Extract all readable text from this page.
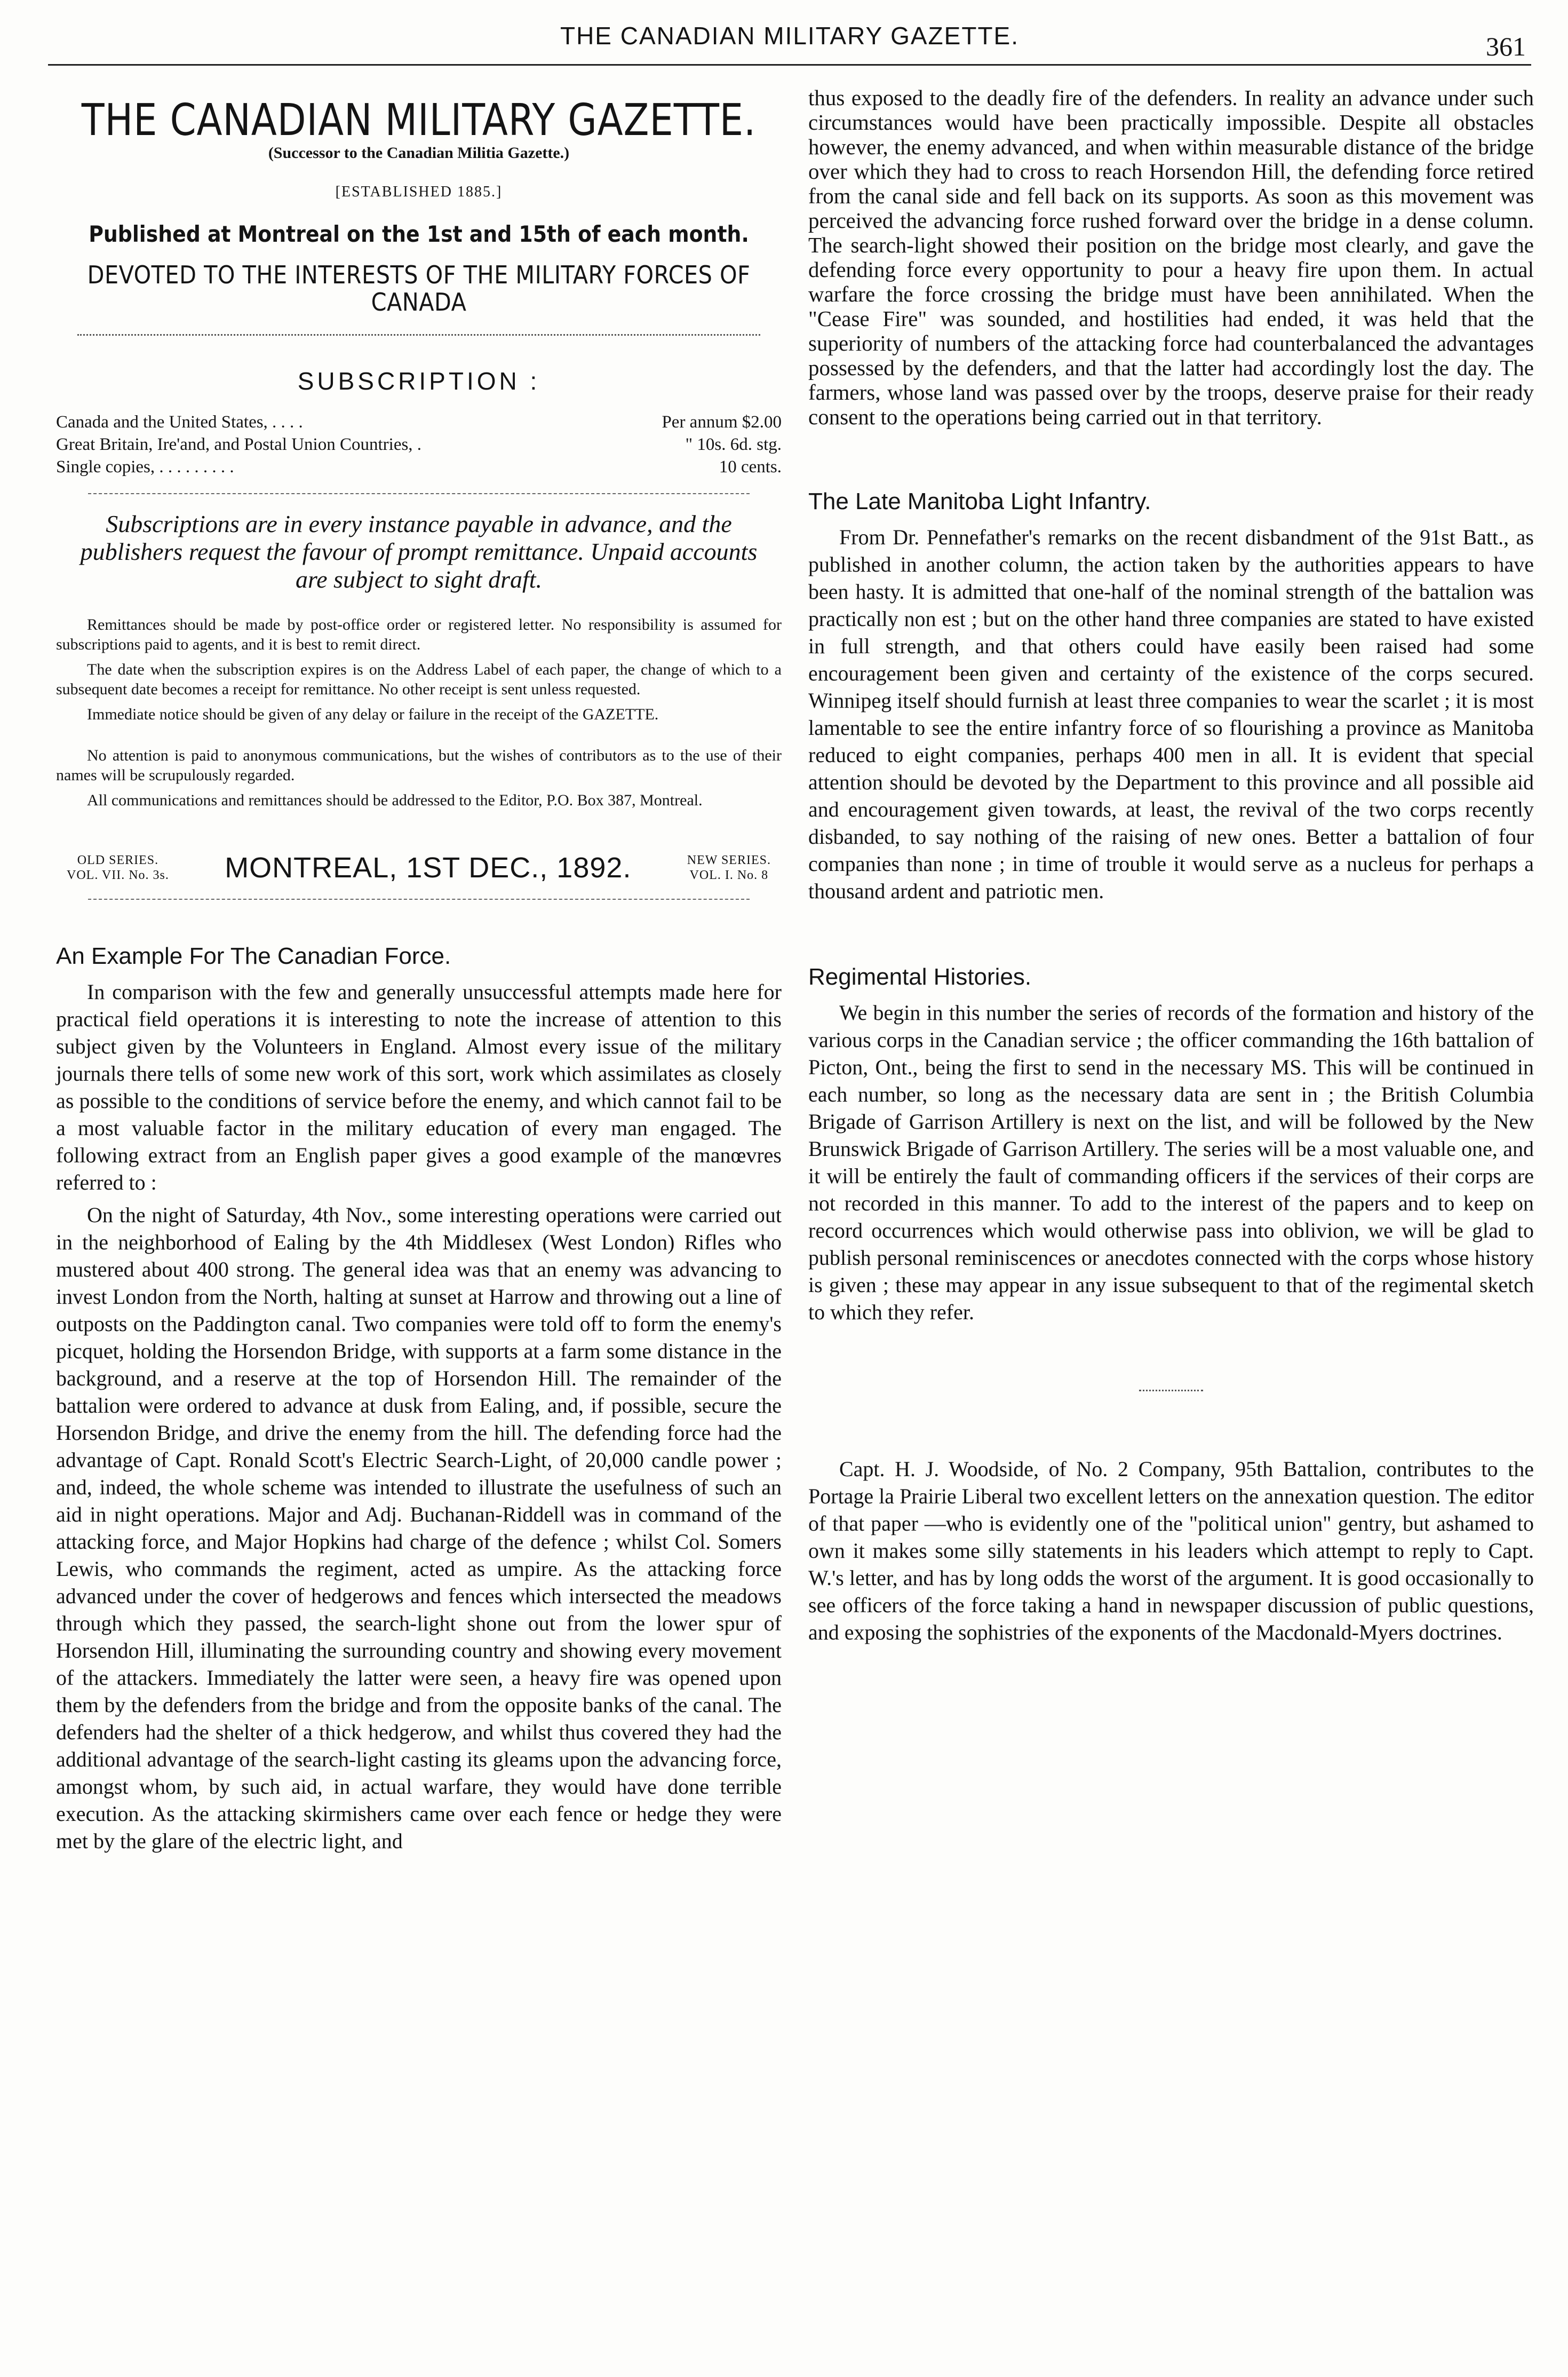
THE CANADIAN MILITARY GAZETTE.	361
THE CANADIAN MILITARY GAZETTE.
(Successor to the Canadian Militia Gazette.)
[ESTABLISHED 1885.]
Published at Montreal on the 1st and 15th of each month.
DEVOTED TO THE INTERESTS OF THE MILITARY FORCES OF CANADA
SUBSCRIPTION :
Canada and the United States, . . . .	Per annum $2.00
Great Britain, Ire'and, and Postal Union Countries, .	" 10s. 6d. stg.
Single copies, . . . . . . . . .	10 cents.
Subscriptions are in every instance payable in advance, and the publishers request the favour of prompt remittance. Unpaid accounts are subject to sight draft.

Remittances should be made by post-office order or registered letter. No responsibility is assumed for subscriptions paid to agents, and it is best to remit direct.

The date when the subscription expires is on the Address Label of each paper, the change of which to a subsequent date becomes a receipt for remittance. No other receipt is sent unless requested.

Immediate notice should be given of any delay or failure in the receipt of the GAZETTE.

No attention is paid to anonymous communications, but the wishes of contributors as to the use of their names will be scrupulously regarded.

All communications and remittances should be addressed to the Editor, P.O. Box 387, Montreal.

OLD SERIES.
VOL. VII. No. 3s. MONTREAL, 1ST DEC., 1892.	NEW SERIES.
VOL. I. No. 8
An Example For The Canadian Force.

In comparison with the few and generally unsuccessful attempts made here for practical field operations it is interesting to note the increase of attention to this subject given by the Volunteers in England. Almost every issue of the military journals there tells of some new work of this sort, work which assimilates as closely as possible to the conditions of service before the enemy, and which cannot fail to be a most valuable factor in the military education of every man engaged. The following extract from an English paper gives a good example of the manœvres referred to :

On the night of Saturday, 4th Nov., some interesting operations were carried out in the neighborhood of Ealing by the 4th Middlesex (West London) Rifles who mustered about 400 strong. The general idea was that an enemy was advancing to invest London from the North, halting at sunset at Harrow and throwing out a line of outposts on the Paddington canal. Two companies were told off to form the enemy's picquet, holding the Horsendon Bridge, with supports at a farm some distance in the background, and a reserve at the top of Horsendon Hill. The remainder of the battalion were ordered to advance at dusk from Ealing, and, if possible, secure the Horsendon Bridge, and drive the enemy from the hill. The defending force had the advantage of Capt. Ronald Scott's Electric Search-Light, of 20,000 candle power ; and, indeed, the whole scheme was intended to illustrate the usefulness of such an aid in night operations. Major and Adj. Buchanan-Riddell was in command of the attacking force, and Major Hopkins had charge of the defence ; whilst Col. Somers Lewis, who commands the regiment, acted as umpire. As the attacking force advanced under the cover of hedgerows and fences which intersected the meadows through which they passed, the search-light shone out from the lower spur of Horsendon Hill, illuminating the surrounding country and showing every movement of the attackers. Immediately the latter were seen, a heavy fire was opened upon them by the defenders from the bridge and from the opposite banks of the canal. The defenders had the shelter of a thick hedgerow, and whilst thus covered they had the additional advantage of the search-light casting its gleams upon the advancing force, amongst whom, by such aid, in actual warfare, they would have done terrible execution. As the attacking skirmishers came over each fence or hedge they were met by the glare of the electric light, and

thus exposed to the deadly fire of the defenders. In reality an advance under such circumstances would have been practically impossible. Despite all obstacles however, the enemy advanced, and when within measurable distance of the bridge over which they had to cross to reach Horsendon Hill, the defending force retired from the canal side and fell back on its supports. As soon as this movement was perceived the advancing force rushed forward over the bridge in a dense column. The search-light showed their position on the bridge most clearly, and gave the defending force every opportunity to pour a heavy fire upon them. In actual warfare the force crossing the bridge must have been annihilated. When the "Cease Fire" was sounded, and hostilities had ended, it was held that the superiority of numbers of the attacking force had counterbalanced the advantages possessed by the defenders, and that the latter had accordingly lost the day. The farmers, whose land was passed over by the troops, deserve praise for their ready consent to the operations being carried out in that territory.

The Late Manitoba Light Infantry.

From Dr. Pennefather's remarks on the recent disbandment of the 91st Batt., as published in another column, the action taken by the authorities appears to have been hasty. It is admitted that one-half of the nominal strength of the battalion was practically non est ; but on the other hand three companies are stated to have existed in full strength, and that others could have easily been raised had some encouragement been given and certainty of the existence of the corps secured. Winnipeg itself should furnish at least three companies to wear the scarlet ; it is most lamentable to see the entire infantry force of so flourishing a province as Manitoba reduced to eight companies, perhaps 400 men in all. It is evident that special attention should be devoted by the Department to this province and all possible aid and encouragement given towards, at least, the revival of the two corps recently disbanded, to say nothing of the raising of new ones. Better a battalion of four companies than none ; in time of trouble it would serve as a nucleus for perhaps a thousand ardent and patriotic men.

Regimental Histories.

We begin in this number the series of records of the formation and history of the various corps in the Canadian service ; the officer commanding the 16th battalion of Picton, Ont., being the first to send in the necessary MS. This will be continued in each number, so long as the necessary data are sent in ; the British Columbia Brigade of Garrison Artillery is next on the list, and will be followed by the New Brunswick Brigade of Garrison Artillery. The series will be a most valuable one, and it will be entirely the fault of commanding officers if the services of their corps are not recorded in this manner. To add to the interest of the papers and to keep on record occurrences which would otherwise pass into oblivion, we will be glad to publish personal reminiscences or anecdotes connected with the corps whose history is given ; these may appear in any issue subsequent to that of the regimental sketch to which they refer.

Capt. H. J. Woodside, of No. 2 Company, 95th Battalion, contributes to the Portage la Prairie Liberal two excellent letters on the annexation question. The editor of that paper —who is evidently one of the "political union" gentry, but ashamed to own it makes some silly statements in his leaders which attempt to reply to Capt. W.'s letter, and has by long odds the worst of the argument. It is good occasionally to see officers of the force taking a hand in newspaper discussion of public questions, and exposing the sophistries of the exponents of the Macdonald-Myers doctrines.
